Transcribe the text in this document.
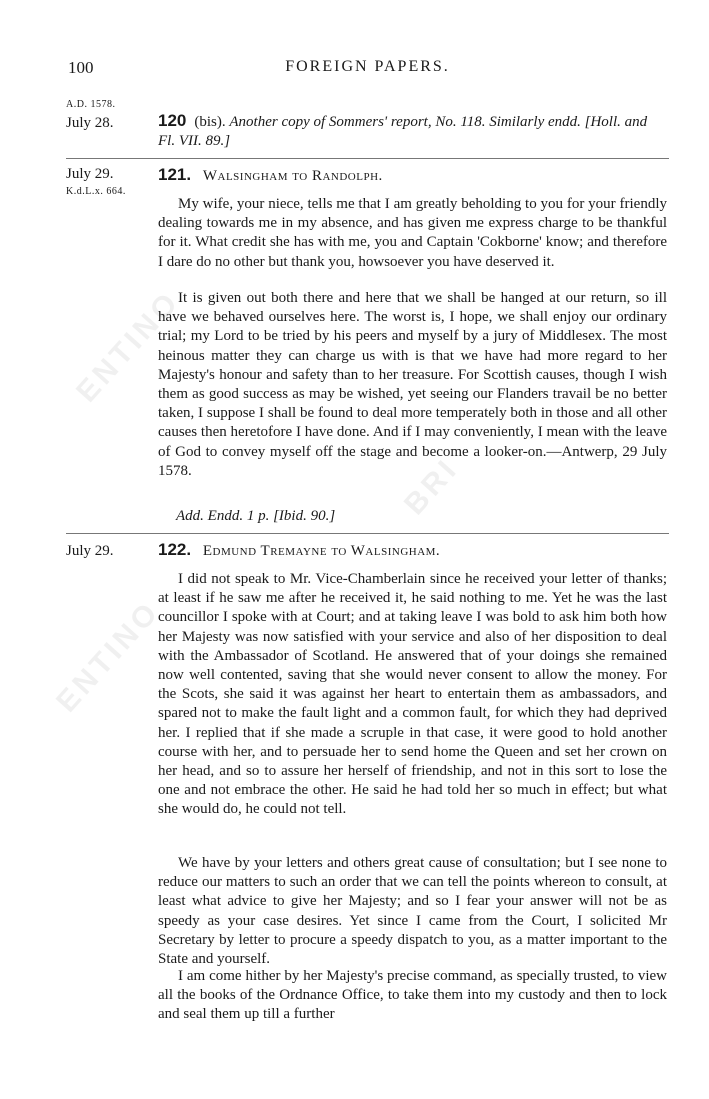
ENTINO
ENTINO
BRI
100	FOREIGN PAPERS.
A.D. 1578.
July 28.	120 (bis). Another copy of Sommers' report, No. 118. Similarly endd. [Holl. and Fl. VII. 89.]
July 29.
K.d.L.x. 664.
121. Walsingham to Randolph.

My wife, your niece, tells me that I am greatly beholding to you for your friendly dealing towards me in my absence, and has given me express charge to be thankful for it. What credit she has with me, you and Captain 'Cokborne' know; and therefore I dare do no other but thank you, howsoever you have deserved it.

It is given out both there and here that we shall be hanged at our return, so ill have we behaved ourselves here. The worst is, I hope, we shall enjoy our ordinary trial; my Lord to be tried by his peers and myself by a jury of Middlesex. The most heinous matter they can charge us with is that we have had more regard to her Majesty's honour and safety than to her treasure. For Scottish causes, though I wish them as good success as may be wished, yet seeing our Flanders travail be no better taken, I suppose I shall be found to deal more temperately both in those and all other causes then heretofore I have done. And if I may conveniently, I mean with the leave of God to convey myself off the stage and become a looker-on.—Antwerp, 29 July 1578.

Add. Endd. 1 p. [Ibid. 90.]
July 29.	122. Edmund Tremayne to Walsingham.

I did not speak to Mr. Vice-Chamberlain since he received your letter of thanks; at least if he saw me after he received it, he said nothing to me. Yet he was the last councillor I spoke with at Court; and at taking leave I was bold to ask him both how her Majesty was now satisfied with your service and also of her disposition to deal with the Ambassador of Scotland. He answered that of your doings she remained now well contented, saving that she would never consent to allow the money. For the Scots, she said it was against her heart to entertain them as ambassadors, and spared not to make the fault light and a common fault, for which they had deprived her. I replied that if she made a scruple in that case, it were good to hold another course with her, and to persuade her to send home the Queen and set her crown on her head, and so to assure her herself of friendship, and not in this sort to lose the one and not embrace the other. He said he had told her so much in effect; but what she would do, he could not tell.

We have by your letters and others great cause of consultation; but I see none to reduce our matters to such an order that we can tell the points whereon to consult, at least what advice to give her Majesty; and so I fear your answer will not be as speedy as your case desires. Yet since I came from the Court, I solicited Mr Secretary by letter to procure a speedy dispatch to you, as a matter important to the State and yourself.

I am come hither by her Majesty's precise command, as specially trusted, to view all the books of the Ordnance Office, to take them into my custody and then to lock and seal them up till a further
